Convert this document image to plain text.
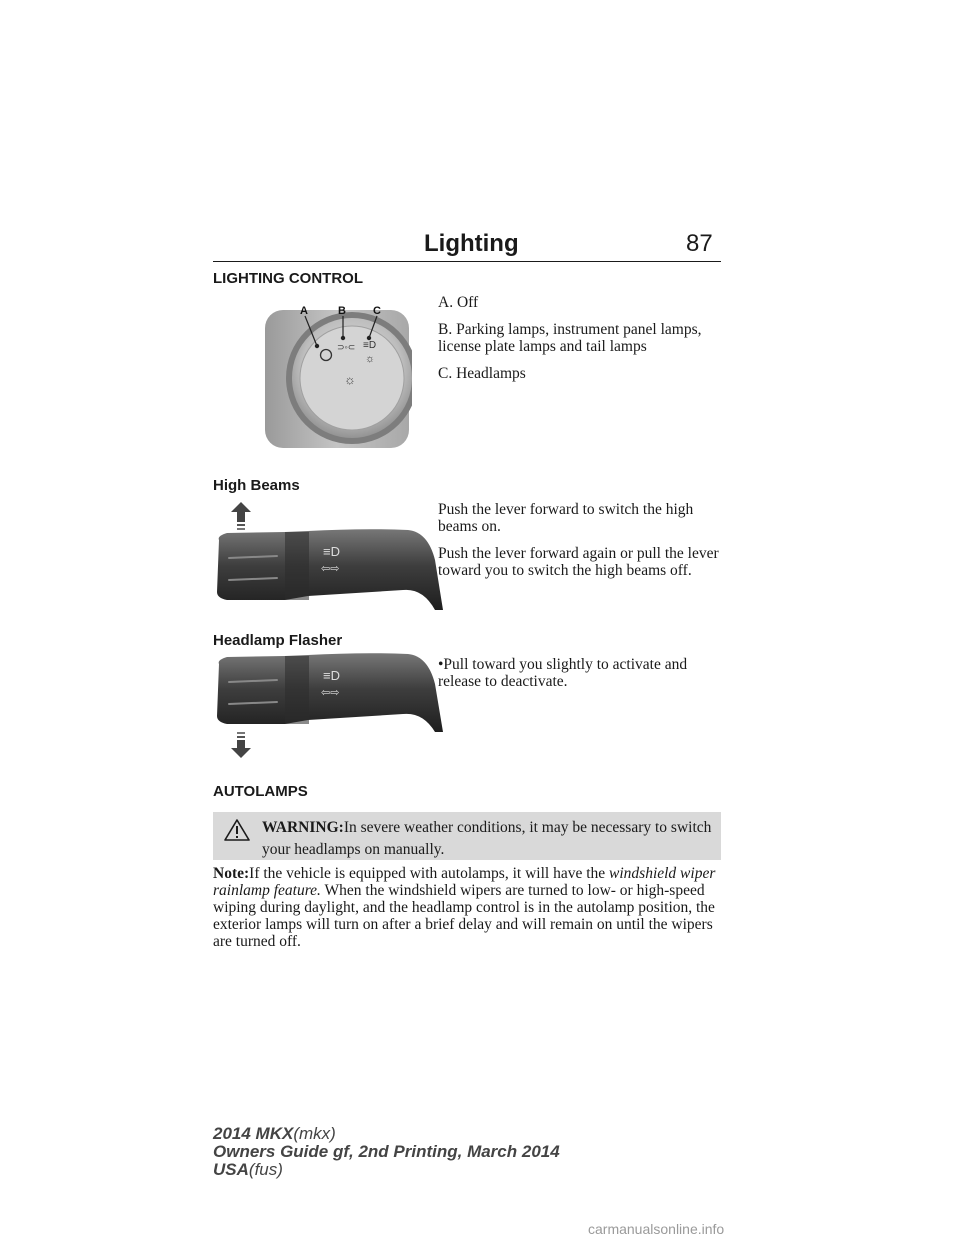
Lighting	87
LIGHTING CONTROL
⊃◦⊂ ≡D
☼
☼
A	B C	A. Off

B. Parking lamps, instrument panel lamps, license plate lamps and tail lamps

C. Headlamps

High Beams
≡D
⇦⇨

Push the lever forward to switch the high beams on.

Push the lever forward again or pull the lever toward you to switch the high beams off.

Headlamp Flasher
≡D
⇦⇨

•Pull toward you slightly to activate and release to deactivate.

AUTOLAMPS
WARNING:In severe weather conditions, it may be necessary to switch your headlamps on manually.
Note:If the vehicle is equipped with autolamps, it will have the windshield wiper rainlamp feature. When the windshield wipers are turned to low- or high-speed wiping during daylight, and the headlamp control is in the autolamp position, the exterior lamps will turn on after a brief delay and will remain on until the wipers are turned off.
2014 MKX(mkx)
Owners Guide gf, 2nd Printing, March 2014
USA(fus)
carmanualsonline.info
